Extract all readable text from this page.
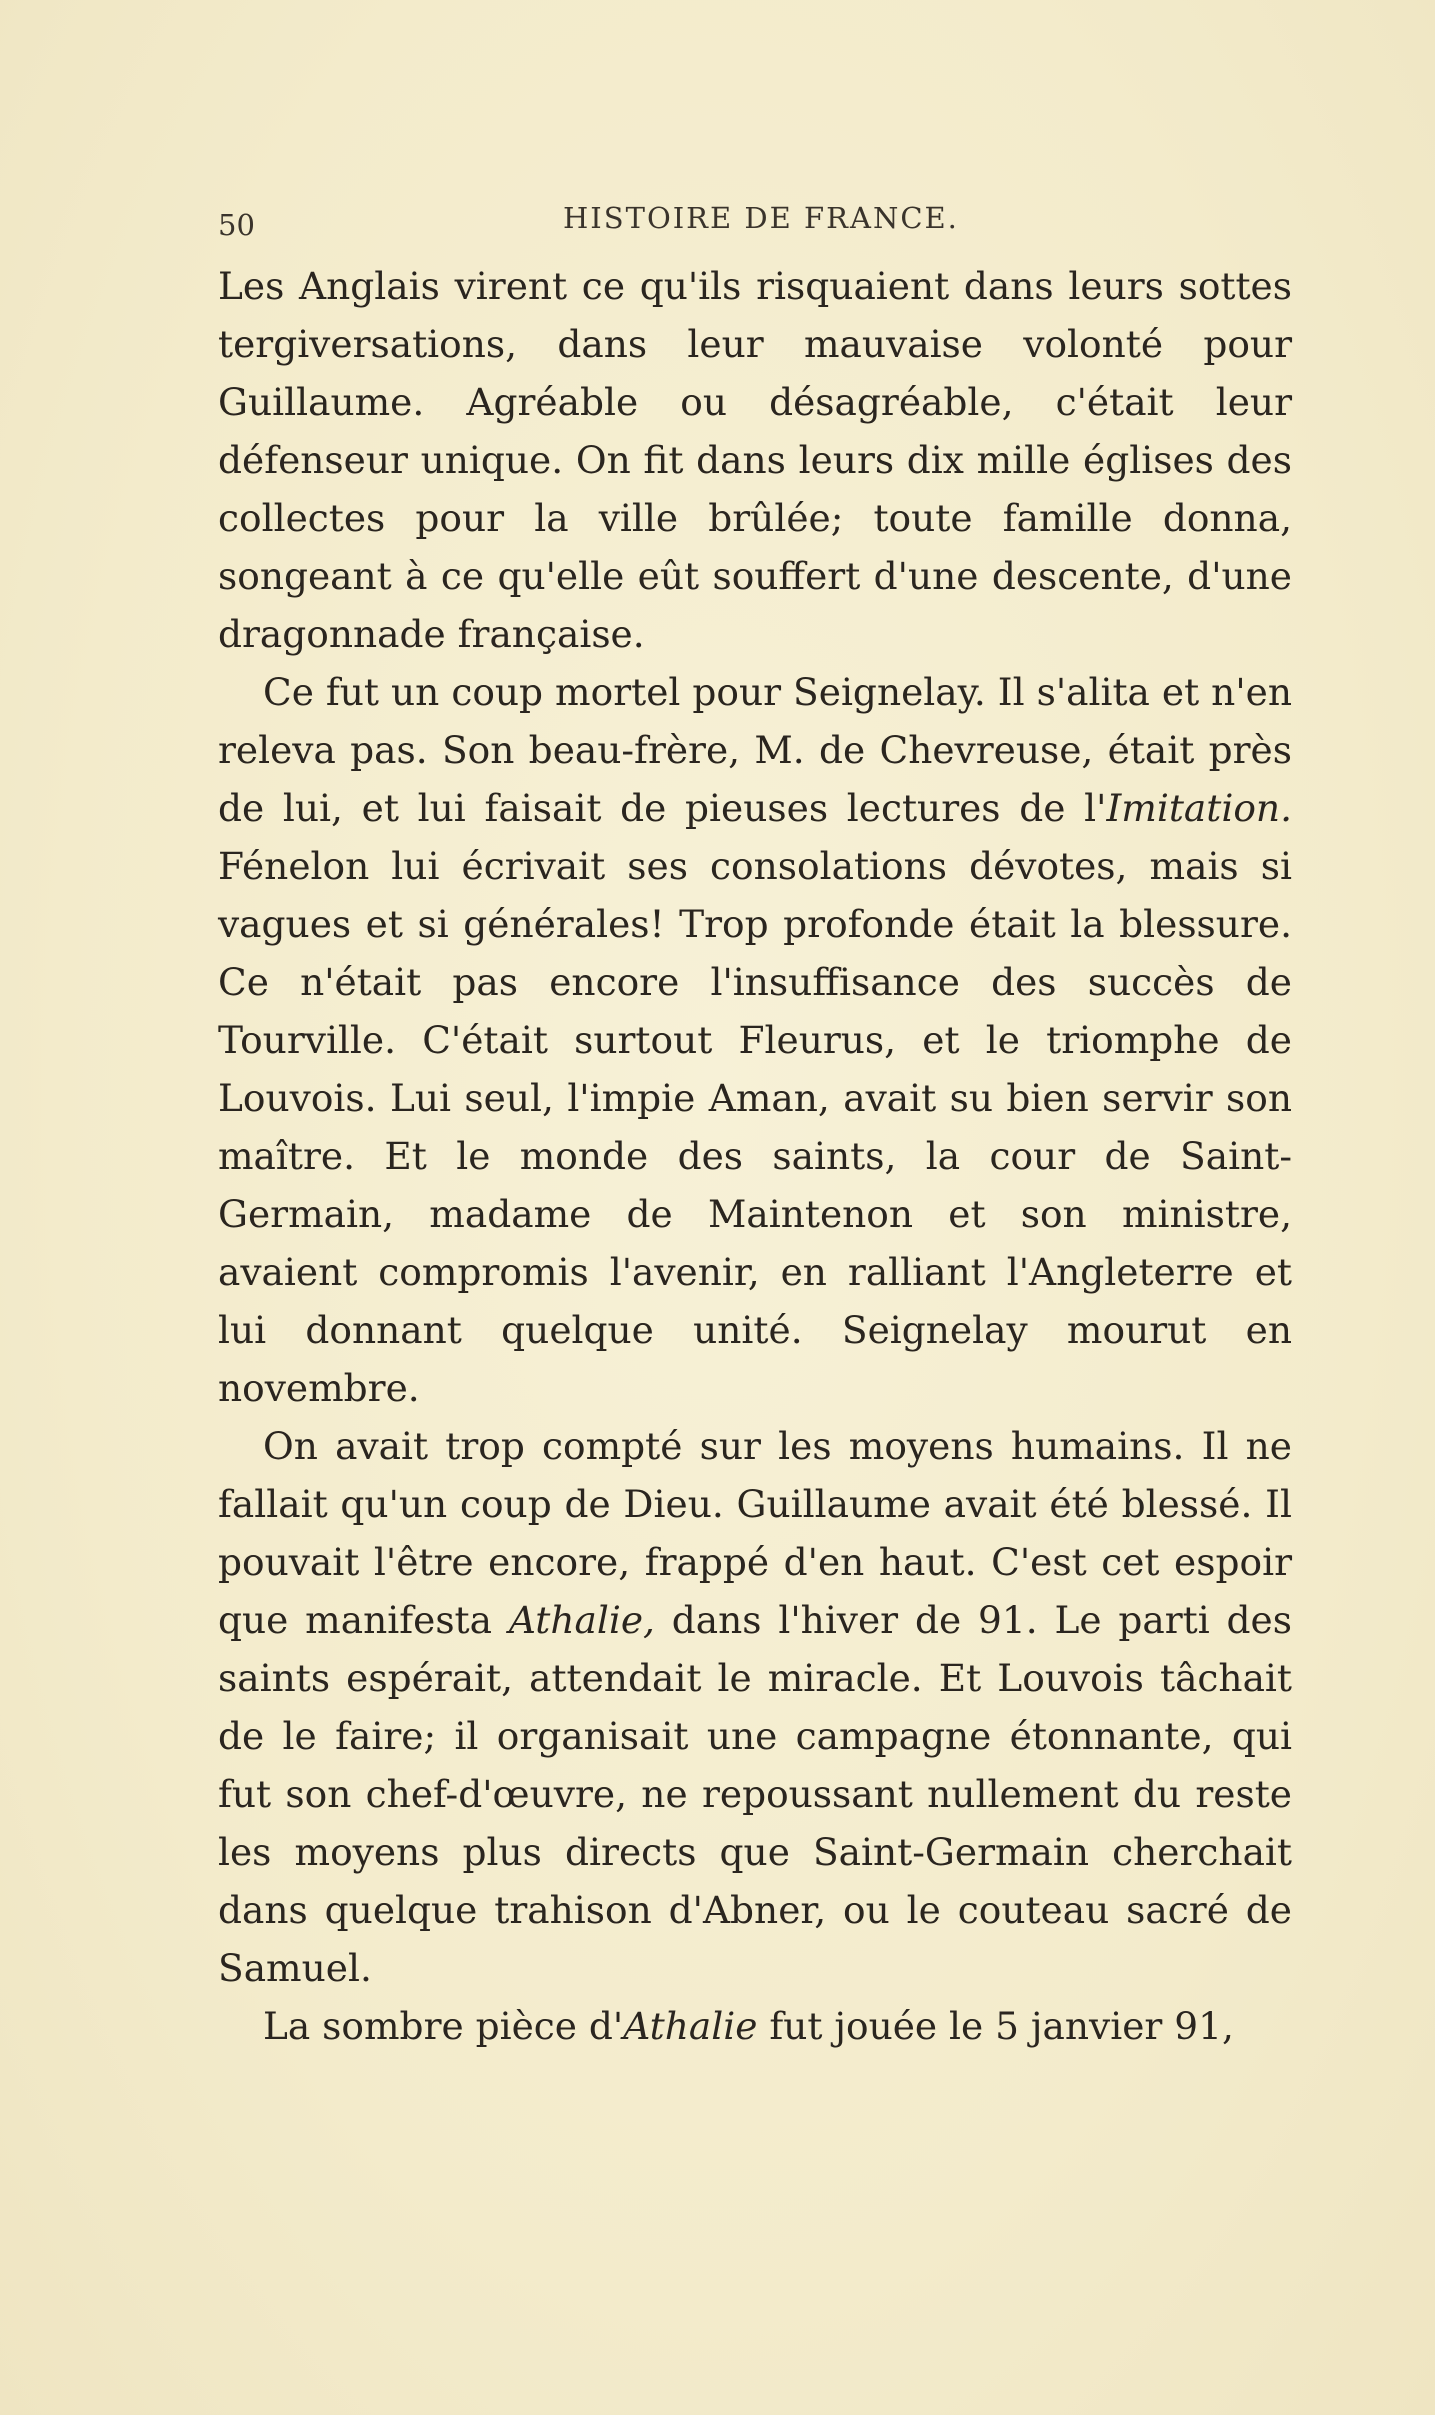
50	HISTOIRE DE FRANCE.

Les Anglais virent ce qu'ils risquaient dans leurs sottes tergiversations, dans leur mauvaise volonté pour Guillaume. Agréable ou désagréable, c'était leur défenseur unique. On fit dans leurs dix mille églises des collectes pour la ville brûlée; toute famille donna, songeant à ce qu'elle eût souffert d'une descente, d'une dragonnade française.

Ce fut un coup mortel pour Seignelay. Il s'alita et n'en releva pas. Son beau-frère, M. de Chevreuse, était près de lui, et lui faisait de pieuses lectures de l'Imitation. Fénelon lui écrivait ses consolations dévotes, mais si vagues et si générales! Trop profonde était la blessure. Ce n'était pas encore l'insuffisance des succès de Tourville. C'était surtout Fleurus, et le triomphe de Louvois. Lui seul, l'impie Aman, avait su bien servir son maître. Et le monde des saints, la cour de Saint-Germain, madame de Maintenon et son ministre, avaient compromis l'avenir, en ralliant l'Angleterre et lui donnant quelque unité. Seignelay mourut en novembre.

On avait trop compté sur les moyens humains. Il ne fallait qu'un coup de Dieu. Guillaume avait été blessé. Il pouvait l'être encore, frappé d'en haut. C'est cet espoir que manifesta Athalie, dans l'hiver de 91. Le parti des saints espérait, attendait le miracle. Et Louvois tâchait de le faire; il organisait une campagne étonnante, qui fut son chef-d'œuvre, ne repoussant nullement du reste les moyens plus directs que Saint-Germain cherchait dans quelque trahison d'Abner, ou le couteau sacré de Samuel.

La sombre pièce d'Athalie fut jouée le 5 janvier 91,
